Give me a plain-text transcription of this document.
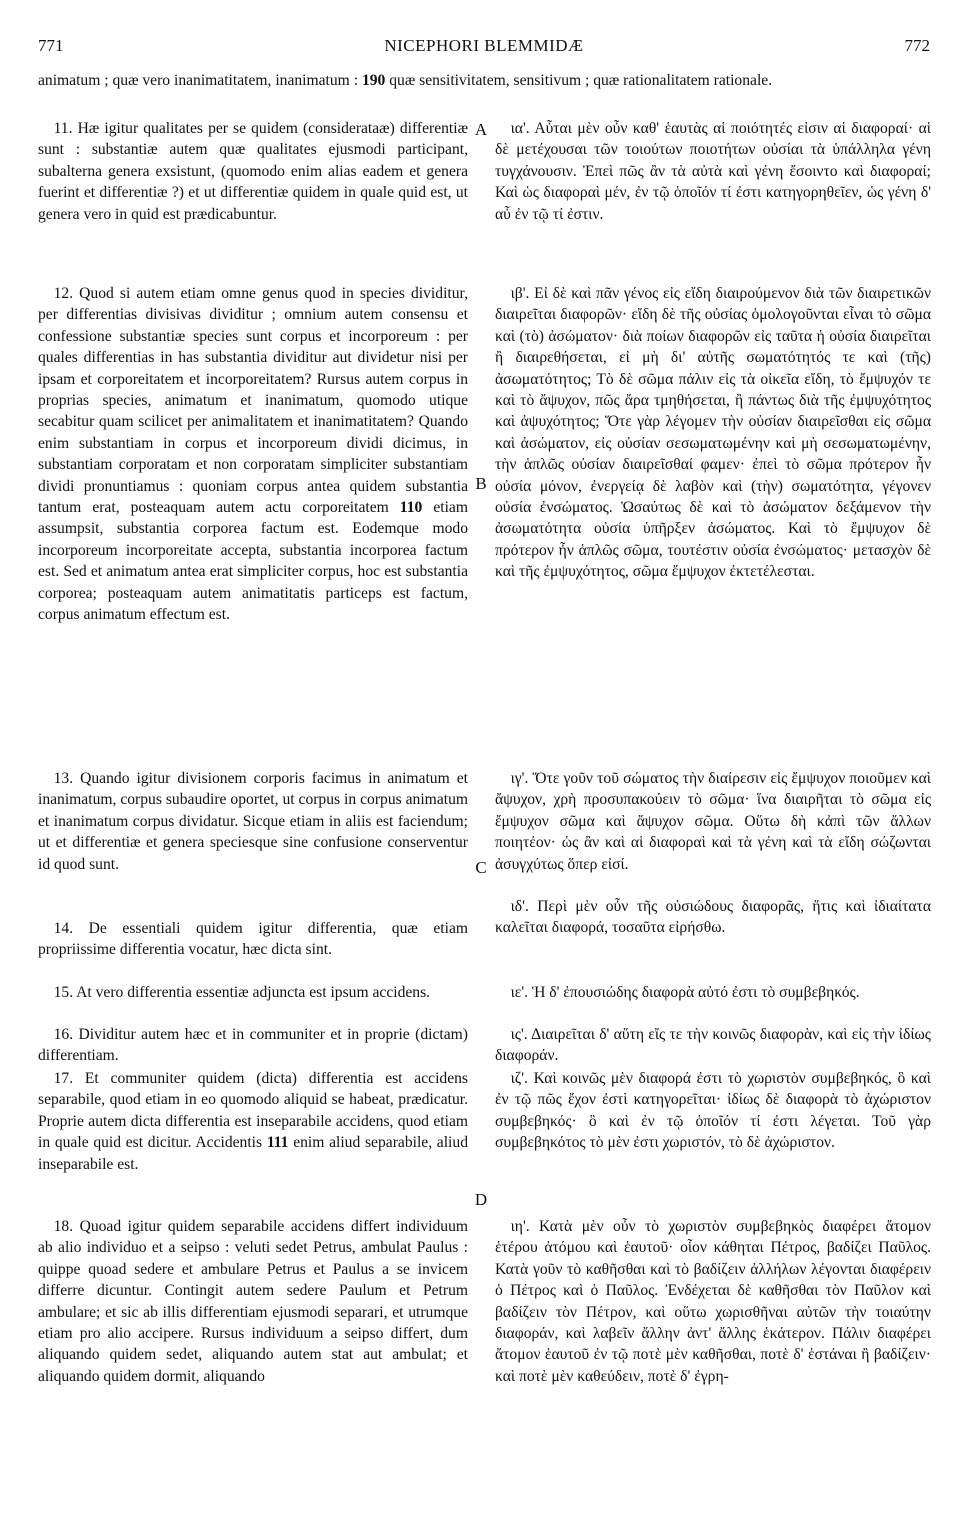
771	NICEPHORI BLEMMIDÆ	772
animatum ; quæ vero inanimatitatem, inanimatum : 190 quæ sensitivitatem, sensitivum ; quæ rationalitatem rationale.
A
B
C
D

 11. Hæ igitur qualitates per se quidem (considerataæ) differentiæ sunt : substantiæ autem quæ qualitates ejusmodi participant, subalterna genera exsistunt, (quomodo enim alias eadem et genera fuerint et differentiæ ?) et ut differentiæ quidem in quale quid est, ut genera vero in quid est prædicabuntur.

 12. Quod si autem etiam omne genus quod in species dividitur, per differentias divisivas dividitur ; omnium autem consensu et confessione substantiæ species sunt corpus et incorporeum : per quales differentias in has substantia dividitur aut dividetur nisi per ipsam et corporeitatem et incorporeitatem? Rursus autem corpus in proprias species, animatum et inanimatum, quomodo utique secabitur quam scilicet per animalitatem et inanimatitatem? Quando enim substantiam in corpus et incorporeum dividi dicimus, in substantiam corporatam et non corporatam simpliciter substantiam dividi pronuntiamus : quoniam corpus antea quidem substantia tantum erat, posteaquam autem actu corporeitatem 110 etiam assumpsit, substantia corporea factum est. Eodemque modo incorporeum incorporeitate accepta, substantia incorporea factum est. Sed et animatum antea erat simpliciter corpus, hoc est substantia corporea; posteaquam autem animatitatis particeps est factum, corpus animatum effectum est.

 13. Quando igitur divisionem corporis facimus in animatum et inanimatum, corpus subaudire oportet, ut corpus in corpus animatum et inanimatum corpus dividatur. Sicque etiam in aliis est faciendum; ut et differentiæ et genera speciesque sine confusione conserventur id quod sunt.

 14. De essentiali quidem igitur differentia, quæ etiam propriissime differentia vocatur, hæc dicta sint.

 15. At vero differentia essentiæ adjuncta est ipsum accidens.

 16. Dividitur autem hæc et in communiter et in proprie (dictam) differentiam.

 17. Et communiter quidem (dicta) differentia est accidens separabile, quod etiam in eo quomodo aliquid se habeat, prædicatur. Proprie autem dicta differentia est inseparabile accidens, quod etiam in quale quid est dicitur. Accidentis 111 enim aliud separabile, aliud inseparabile est.

 18. Quoad igitur quidem separabile accidens differt individuum ab alio individuo et a seipso : veluti sedet Petrus, ambulat Paulus : quippe quoad sedere et ambulare Petrus et Paulus a se invicem differre dicuntur. Contingit autem sedere Paulum et Petrum ambulare; et sic ab illis differentiam ejusmodi separari, et utrumque etiam pro alio accipere. Rursus individuum a seipso differt, dum aliquando quidem sedet, aliquando autem stat aut ambulat; et aliquando quidem dormit, aliquando

 ια'. Αὗται μὲν οὖν καθ' ἑαυτὰς αἱ ποιότητές εἰσιν αἱ διαφοραί· αἱ δὲ μετέχουσαι τῶν τοιούτων ποιοτήτων οὐσίαι τὰ ὑπάλληλα γένη τυγχάνουσιν. Ἐπεὶ πῶς ἂν τὰ αὐτὰ καὶ γένη ἔσοιντο καὶ διαφοραί; Καὶ ὡς διαφοραὶ μέν, ἐν τῷ ὁποῖόν τί ἐστι κατηγορηθεῖεν, ὡς γένη δ' αὖ ἐν τῷ τί ἐστιν.

 ιβ'. Εἰ δὲ καὶ πᾶν γένος εἰς εἴδη διαιρούμενον διὰ τῶν διαιρετικῶν διαιρεῖται διαφορῶν· εἴδη δὲ τῆς οὐσίας ὁμολογοῦνται εἶναι τὸ σῶμα καὶ (τὸ) ἀσώματον· διὰ ποίων διαφορῶν εἰς ταῦτα ἡ οὐσία διαιρεῖται ἢ διαιρεθήσεται, εἰ μὴ δι' αὐτῆς σωματότητός τε καὶ (τῆς) ἀσωματότητος; Τὸ δὲ σῶμα πάλιν εἰς τὰ οἰκεῖα εἴδη, τὸ ἔμψυχόν τε καὶ τὸ ἄψυχον, πῶς ἄρα τμηθήσεται, ἢ πάντως διὰ τῆς ἐμψυχότητος καὶ ἀψυχότητος; Ὅτε γὰρ λέγομεν τὴν οὐσίαν διαιρεῖσθαι εἰς σῶμα καὶ ἀσώματον, εἰς οὐσίαν σεσωματωμένην καὶ μὴ σεσωματωμένην, τὴν ἁπλῶς οὐσίαν διαιρεῖσθαί φαμεν· ἐπεὶ τὸ σῶμα πρότερον ἦν οὐσία μόνον, ἐνεργείᾳ δὲ λαβὸν καὶ (τὴν) σωματότητα, γέγονεν οὐσία ἐνσώματος. Ὡσαύτως δὲ καὶ τὸ ἀσώματον δεξάμενον τὴν ἀσωματότητα οὐσία ὑπῆρξεν ἀσώματος. Καὶ τὸ ἔμψυχον δὲ πρότερον ἦν ἁπλῶς σῶμα, τουτέστιν οὐσία ἐνσώματος· μετασχὸν δὲ καὶ τῆς ἐμψυχότητος, σῶμα ἔμψυχον ἐκτετέλεσται.

 ιγ'. Ὅτε γοῦν τοῦ σώματος τὴν διαίρεσιν εἰς ἔμψυχον ποιοῦμεν καὶ ἄψυχον, χρὴ προσυπακούειν τὸ σῶμα· ἵνα διαιρῆται τὸ σῶμα εἰς ἔμψυχον σῶμα καὶ ἄψυχον σῶμα. Οὕτω δὴ κἀπὶ τῶν ἄλλων ποιητέον· ὡς ἂν καὶ αἱ διαφοραὶ καὶ τὰ γένη καὶ τὰ εἴδη σώζωνται ἀσυγχύτως ὅπερ εἰσί.

 ιδ'. Περὶ μὲν οὖν τῆς οὐσιώδους διαφορᾶς, ἥτις καὶ ἰδιαίτατα καλεῖται διαφορά, τοσαῦτα εἰρήσθω.

 ιε'. Ἡ δ' ἐπουσιώδης διαφορὰ αὐτό ἐστι τὸ συμβεβηκός.

 ις'. Διαιρεῖται δ' αὕτη εἴς τε τὴν κοινῶς διαφορὰν, καὶ εἰς τὴν ἰδίως διαφοράν.

 ιζ'. Καὶ κοινῶς μὲν διαφορά ἐστι τὸ χωριστὸν συμβεβηκός, ὃ καὶ ἐν τῷ πῶς ἔχον ἐστὶ κατηγορεῖται· ἰδίως δὲ διαφορὰ τὸ ἀχώριστον συμβεβηκός· ὃ καὶ ἐν τῷ ὁποῖόν τί ἐστι λέγεται. Τοῦ γὰρ συμβεβηκότος τὸ μὲν ἐστι χωριστόν, τὸ δὲ ἀχώριστον.

 ιη'. Κατὰ μὲν οὖν τὸ χωριστὸν συμβεβηκὸς διαφέρει ἄτομον ἑτέρου ἀτόμου καὶ ἑαυτοῦ· οἷον κάθηται Πέτρος, βαδίζει Παῦλος. Κατὰ γοῦν τὸ καθῆσθαι καὶ τὸ βαδίζειν ἀλλήλων λέγονται διαφέρειν ὁ Πέτρος καὶ ὁ Παῦλος. Ἐνδέχεται δὲ καθῆσθαι τὸν Παῦλον καὶ βαδίζειν τὸν Πέτρον, καὶ οὕτω χωρισθῆναι αὐτῶν τὴν τοιαύτην διαφοράν, καὶ λαβεῖν ἄλλην ἀντ' ἄλλης ἑκάτερον. Πάλιν διαφέρει ἄτομον ἑαυτοῦ ἐν τῷ ποτὲ μὲν καθῆσθαι, ποτὲ δ' ἑστάναι ἢ βαδίζειν· καὶ ποτὲ μὲν καθεύδειν, ποτὲ δ' ἐγρη-
